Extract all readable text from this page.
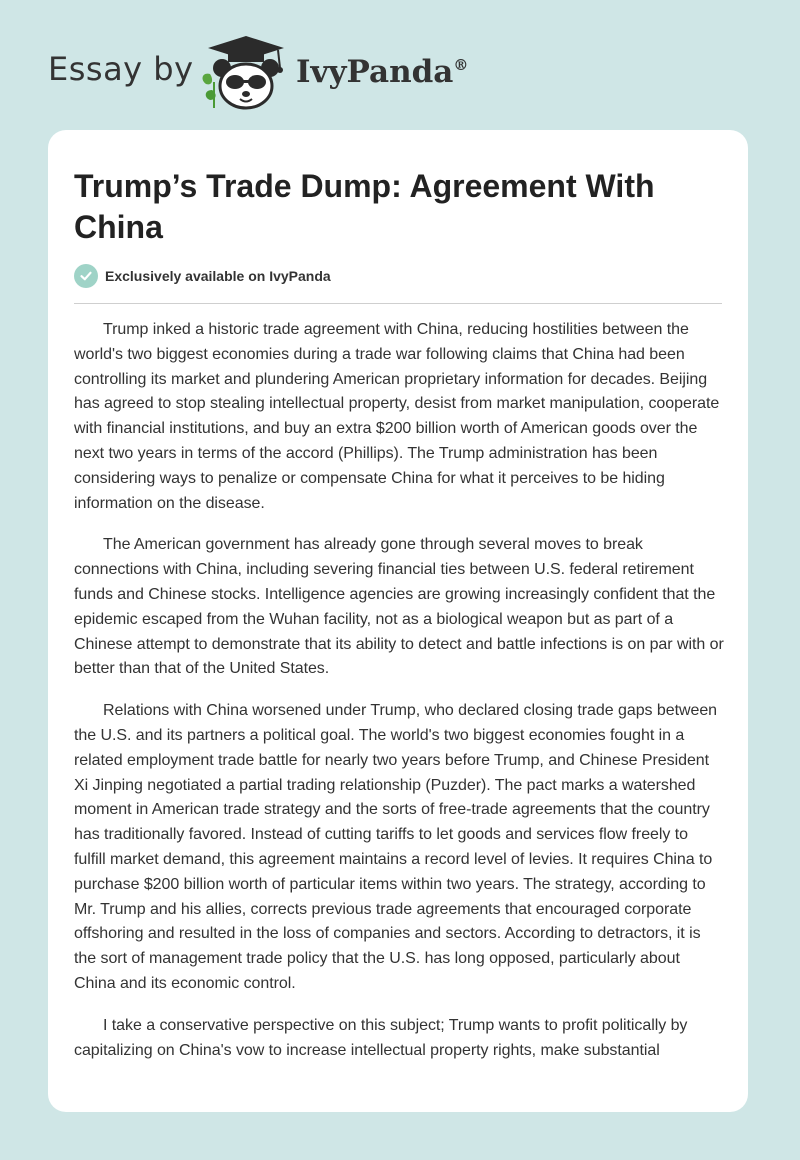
Essay by	IvyPanda®
Trump’s Trade Dump: Agreement With China
Exclusively available on IvyPanda

Trump inked a historic trade agreement with China, reducing hostilities between the world's two biggest economies during a trade war following claims that China had been controlling its market and plundering American proprietary information for decades. Beijing has agreed to stop stealing intellectual property, desist from market manipulation, cooperate with financial institutions, and buy an extra $200 billion worth of American goods over the next two years in terms of the accord (Phillips). The Trump administration has been considering ways to penalize or compensate China for what it perceives to be hiding information on the disease.

The American government has already gone through several moves to break connections with China, including severing financial ties between U.S. federal retirement funds and Chinese stocks. Intelligence agencies are growing increasingly confident that the epidemic escaped from the Wuhan facility, not as a biological weapon but as part of a Chinese attempt to demonstrate that its ability to detect and battle infections is on par with or better than that of the United States.

Relations with China worsened under Trump, who declared closing trade gaps between the U.S. and its partners a political goal. The world's two biggest economies fought in a related employment trade battle for nearly two years before Trump, and Chinese President Xi Jinping negotiated a partial trading relationship (Puzder). The pact marks a watershed moment in American trade strategy and the sorts of free-trade agreements that the country has traditionally favored. Instead of cutting tariffs to let goods and services flow freely to fulfill market demand, this agreement maintains a record level of levies. It requires China to purchase $200 billion worth of particular items within two years. The strategy, according to Mr. Trump and his allies, corrects previous trade agreements that encouraged corporate offshoring and resulted in the loss of companies and sectors. According to detractors, it is the sort of management trade policy that the U.S. has long opposed, particularly about China and its economic control.

I take a conservative perspective on this subject; Trump wants to profit politically by capitalizing on China's vow to increase intellectual property rights, make substantial
